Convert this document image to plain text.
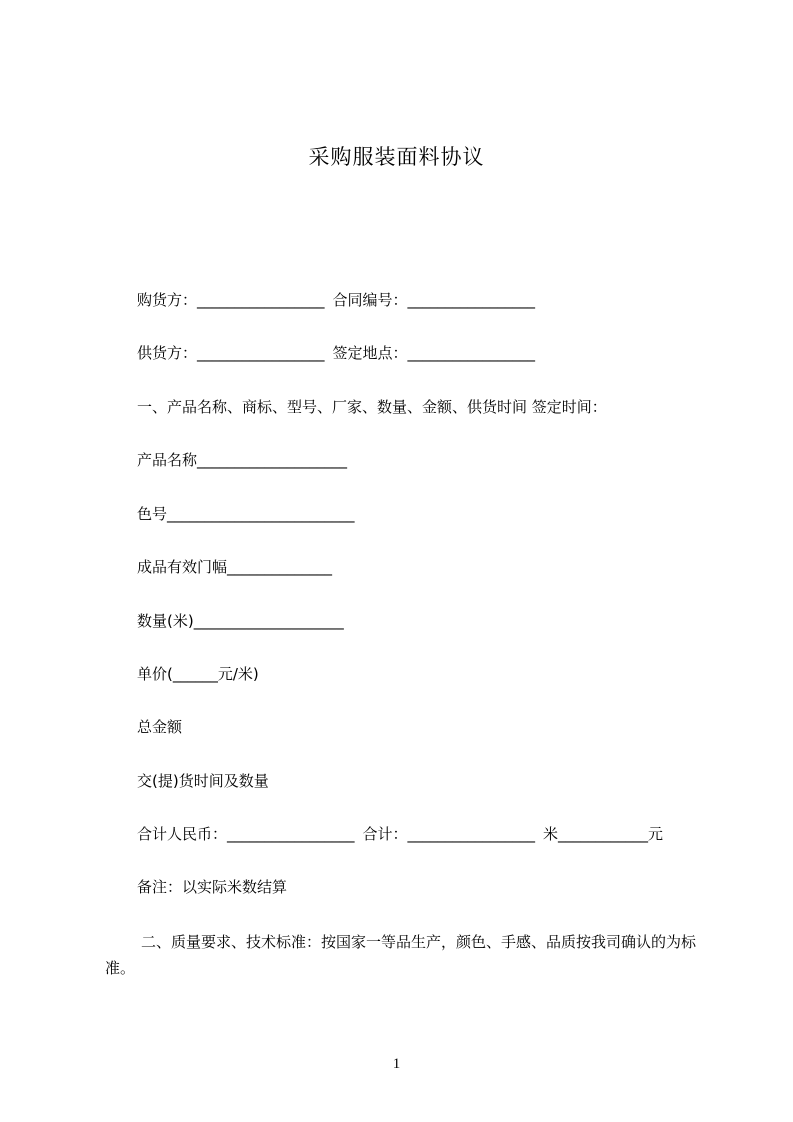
采购服装面料协议
购货方：_________________ 合同编号：_________________
供货方：_________________ 签定地点：_________________
一、产品名称、商标、型号、厂家、数量、金额、供货时间 签定时间：
产品名称____________________
色号_________________________
成品有效门幅______________
数量(米)____________________
单价(______元/米)
总金额
交(提)货时间及数量
合计人民币：_________________ 合计：_________________ 米____________元
备注：以实际米数结算
二、质量要求、技术标准：按国家一等品生产，颜色、手感、品质按我司确认的为标准。
1
